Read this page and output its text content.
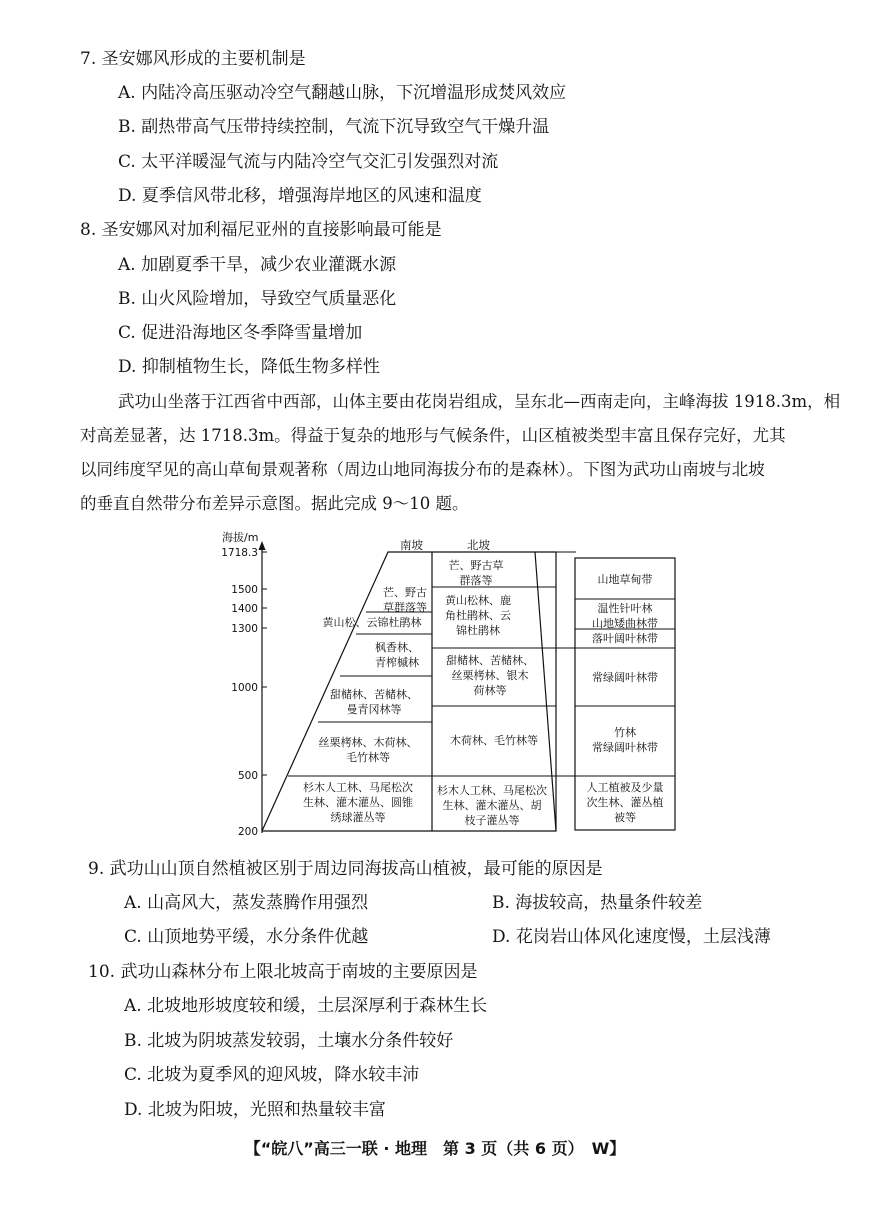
7. 圣安娜风形成的主要机制是
A. 内陆冷高压驱动冷空气翻越山脉，下沉增温形成焚风效应
B. 副热带高气压带持续控制，气流下沉导致空气干燥升温
C. 太平洋暖湿气流与内陆冷空气交汇引发强烈对流
D. 夏季信风带北移，增强海岸地区的风速和温度
8. 圣安娜风对加利福尼亚州的直接影响最可能是
A. 加剧夏季干旱，减少农业灌溉水源
B. 山火风险增加，导致空气质量恶化
C. 促进沿海地区冬季降雪量增加
D. 抑制植物生长，降低生物多样性
武功山坐落于江西省中西部，山体主要由花岗岩组成，呈东北—西南走向，主峰海拔 1918.3m，相
对高差显著，达 1718.3m。得益于复杂的地形与气候条件，山区植被类型丰富且保存完好，尤其
以同纬度罕见的高山草甸景观著称（周边山地同海拔分布的是森林）。下图为武功山南坡与北坡
的垂直自然带分布差异示意图。据此完成 9～10 题。
海拔/m
1718.3
1500
1400
1300
1000
500
200
南坡	北坡
芒、野古
草群落等
黄山松、云锦杜鹃林
枫香林、
青榨槭林
甜槠林、苦槠林、
曼青冈林等
丝栗栲林、木荷林、
毛竹林等
杉木人工林、马尾松次
生林、灌木灌丛、圆锥
绣球灌丛等
芒、野古草
群落等
黄山松林、鹿
角杜鹃林、云
锦杜鹃林
甜槠林、苦槠林、
丝栗栲林、银木
荷林等
木荷林、毛竹林等
杉木人工林、马尾松次
生林、灌木灌丛、胡
枝子灌丛等
山地草甸带
温性针叶林
山地矮曲林带
落叶阔叶林带
常绿阔叶林带
竹林
常绿阔叶林带
人工植被及少量
次生林、灌丛植
被等
9. 武功山山顶自然植被区别于周边同海拔高山植被，最可能的原因是
A. 山高风大，蒸发蒸腾作用强烈	B. 海拔较高，热量条件较差
C. 山顶地势平缓，水分条件优越	D. 花岗岩山体风化速度慢，土层浅薄
10. 武功山森林分布上限北坡高于南坡的主要原因是
A. 北坡地形坡度较和缓，土层深厚利于森林生长
B. 北坡为阴坡蒸发较弱，土壤水分条件较好
C. 北坡为夏季风的迎风坡，降水较丰沛
D. 北坡为阳坡，光照和热量较丰富
【“皖八”高三一联 · 地理　第 3 页（共 6 页）　W】
